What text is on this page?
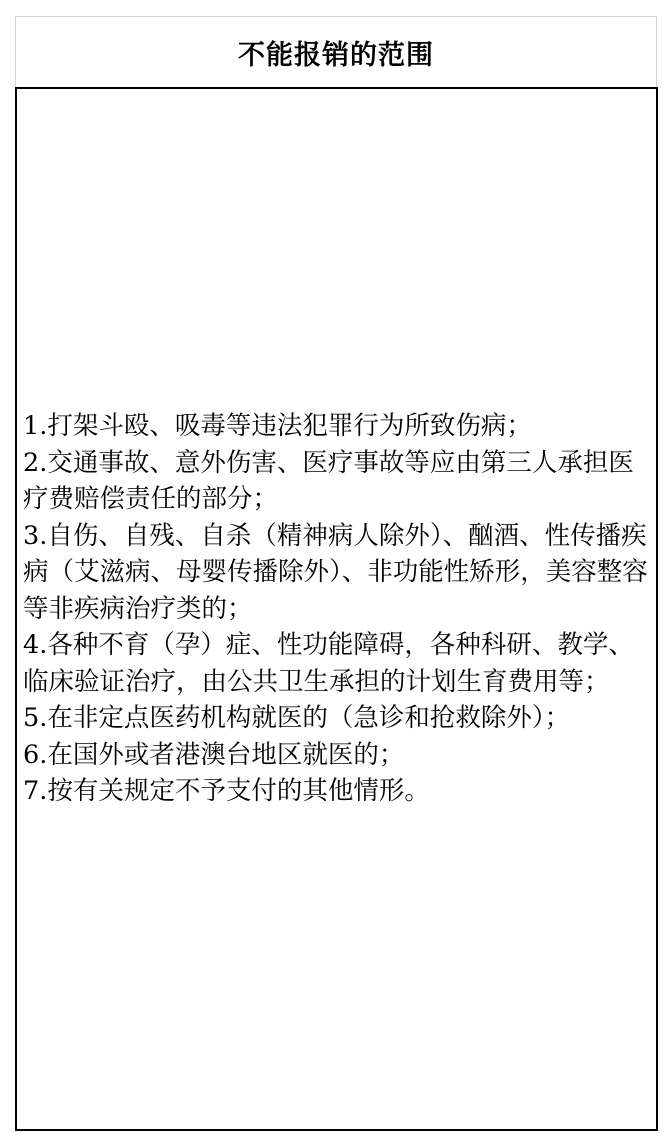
不能报销的范围
1.打架斗殴、吸毒等违法犯罪行为所致伤病；
2.交通事故、意外伤害、医疗事故等应由第三人承担医疗费赔偿责任的部分；
3.自伤、自残、自杀（精神病人除外）、酗酒、性传播疾病（艾滋病、母婴传播除外）、非功能性矫形，美容整容等非疾病治疗类的；
4.各种不育（孕）症、性功能障碍，各种科研、教学、临床验证治疗，由公共卫生承担的计划生育费用等；
5.在非定点医药机构就医的（急诊和抢救除外）；
6.在国外或者港澳台地区就医的；
7.按有关规定不予支付的其他情形。
